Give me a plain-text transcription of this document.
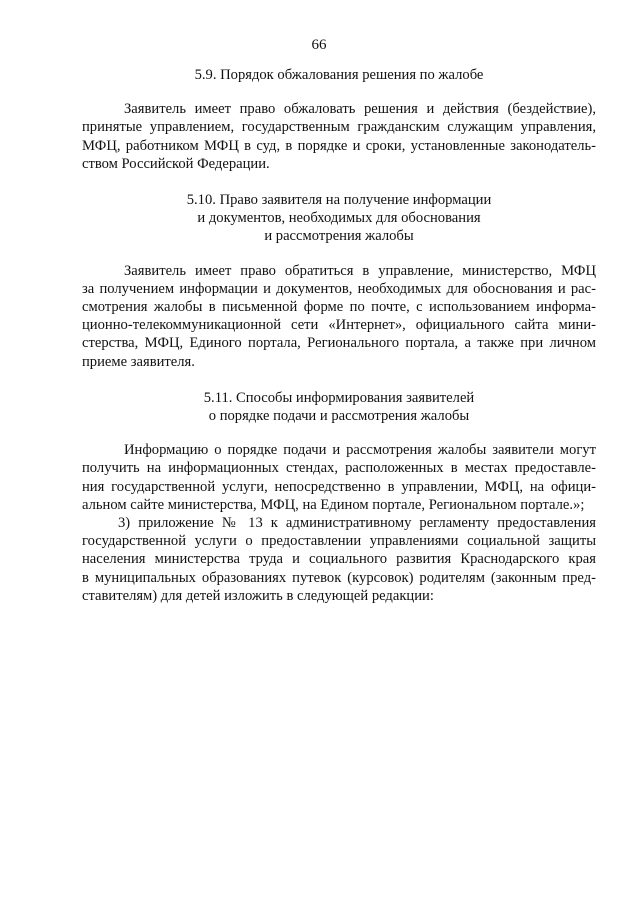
66
5.9. Порядок обжалования решения по жалобе
Заявитель имеет право обжаловать решения и действия (бездействие),
принятые управлением, государственным гражданским служащим управления,
МФЦ, работником МФЦ в суд, в порядке и сроки, установленные законодатель-
ством Российской Федерации.
5.10. Право заявителя на получение информации
и документов, необходимых для обоснования
и рассмотрения жалобы
Заявитель имеет право обратиться в управление, министерство, МФЦ
за получением информации и документов, необходимых для обоснования и рас-
смотрения жалобы в письменной форме по почте, с использованием информа-
ционно-телекоммуникационной сети «Интернет», официального сайта мини-
стерства, МФЦ, Единого портала, Регионального портала, а также при личном
приеме заявителя.
5.11. Способы информирования заявителей
о порядке подачи и рассмотрения жалобы
Информацию о порядке подачи и рассмотрения жалобы заявители могут
получить на информационных стендах, расположенных в местах предоставле-
ния государственной услуги, непосредственно в управлении, МФЦ, на офици-
альном сайте министерства, МФЦ, на Едином портале, Региональном портале.»;
3) приложение № 13 к административному регламенту предоставления
государственной услуги о предоставлении управлениями социальной защиты
населения министерства труда и социального развития Краснодарского края
в муниципальных образованиях путевок (курсовок) родителям (законным пред-
ставителям) для детей изложить в следующей редакции:
